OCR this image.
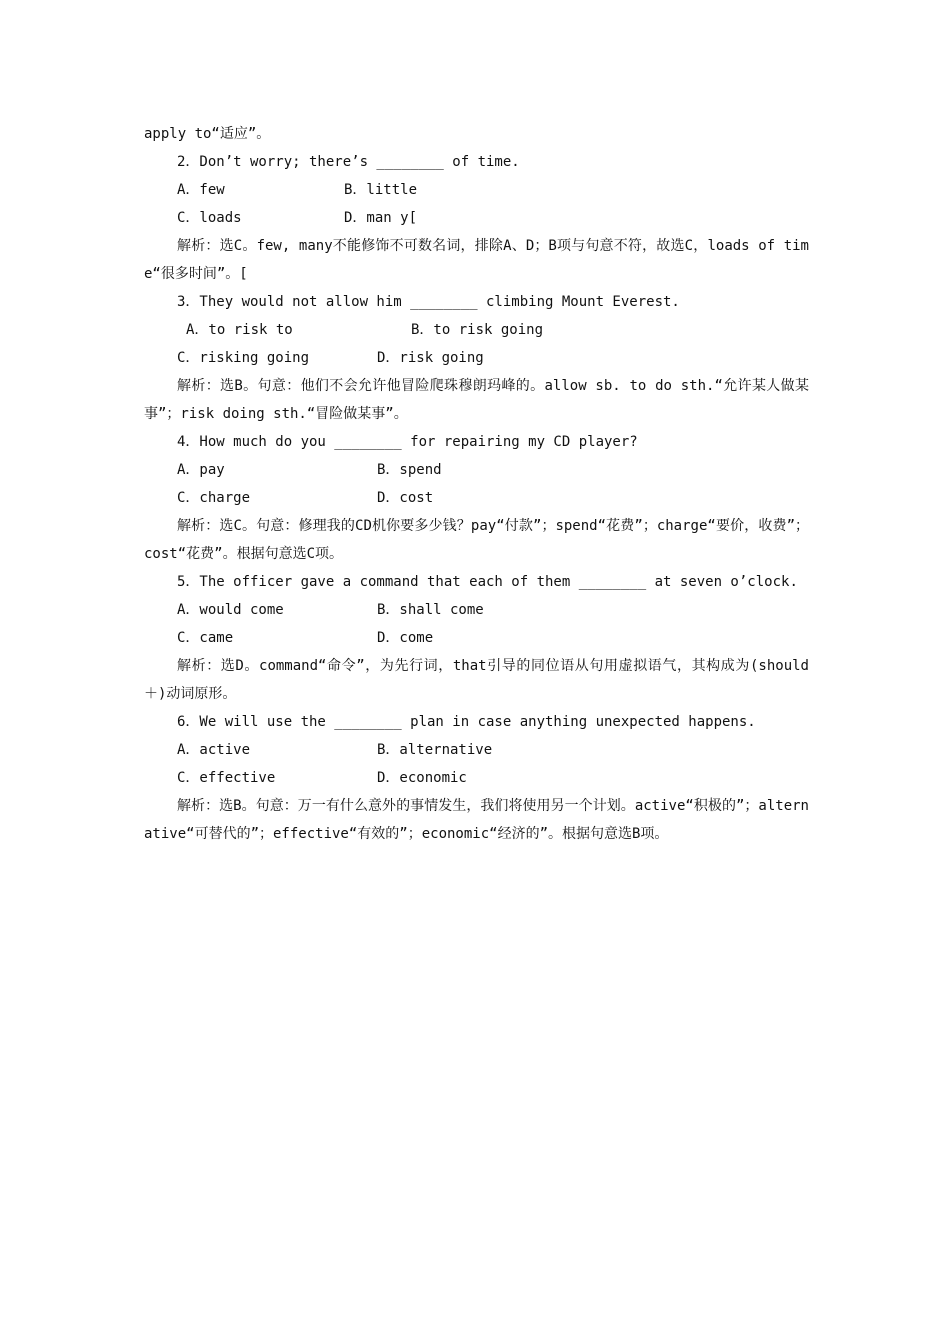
apply to“适应”。
2．Don’t worry; there’s ________ of time.
A．few	B．little
C．loads	D．man y[
解析：选C。few, many不能修饰不可数名词，排除A、D；B项与句意不符，故选C，loads of time“很多时间”。[
3．They would not allow him ________ climbing Mount Everest.
A．to risk to	B．to risk going
C．risking going	D．risk going
解析：选B。句意：他们不会允许他冒险爬珠穆朗玛峰的。allow sb. to do sth.“允许某人做某事”；risk doing sth.“冒险做某事”。
4．How much do you ________ for repairing my CD player?
A．pay	B．spend
C．charge	D．cost
解析：选C。句意：修理我的CD机你要多少钱？pay“付款”；spend“花费”；charge“要价，收费”；cost“花费”。根据句意选C项。
5．The officer gave a command that each of them ________ at seven o’clock.
A．would come	B．shall come
C．came	D．come
解析：选D。command“命令”，为先行词，that引导的同位语从句用虚拟语气，其构成为(should＋)动词原形。
6．We will use the ________ plan in case anything unexpected happens.
A．active	B．alternative
C．effective	D．economic
解析：选B。句意：万一有什么意外的事情发生，我们将使用另一个计划。active“积极的”；alternative“可替代的”；effective“有效的”；economic“经济的”。根据句意选B项。
